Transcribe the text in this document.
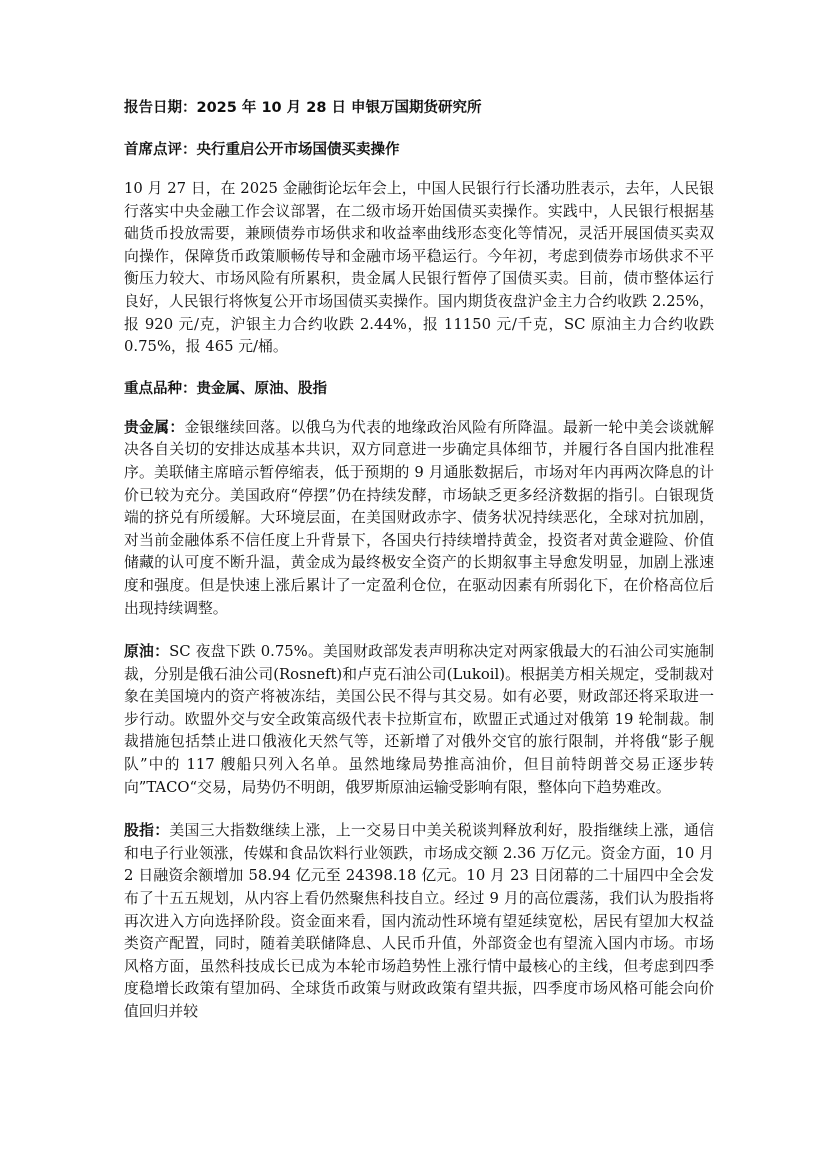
报告日期：2025 年 10 月 28 日 申银万国期货研究所

首席点评：央行重启公开市场国债买卖操作

10 月 27 日，在 2025 金融街论坛年会上，中国人民银行行长潘功胜表示，去年，人民银行落实中央金融工作会议部署，在二级市场开始国债买卖操作。实践中，人民银行根据基础货币投放需要，兼顾债券市场供求和收益率曲线形态变化等情况，灵活开展国债买卖双向操作，保障货币政策顺畅传导和金融市场平稳运行。今年初，考虑到债券市场供求不平衡压力较大、市场风险有所累积，贵金属人民银行暂停了国债买卖。目前，债市整体运行良好，人民银行将恢复公开市场国债买卖操作。国内期货夜盘沪金主力合约收跌 2.25%，报 920 元/克，沪银主力合约收跌 2.44%，报 11150 元/千克，SC 原油主力合约收跌 0.75%，报 465 元/桶。

重点品种：贵金属、原油、股指

贵金属：金银继续回落。以俄乌为代表的地缘政治风险有所降温。最新一轮中美会谈就解决各自关切的安排达成基本共识，双方同意进一步确定具体细节，并履行各自国内批准程序。美联储主席暗示暂停缩表，低于预期的 9 月通胀数据后，市场对年内再两次降息的计价已较为充分。美国政府“停摆”仍在持续发酵，市场缺乏更多经济数据的指引。白银现货端的挤兑有所缓解。大环境层面，在美国财政赤字、债务状况持续恶化，全球对抗加剧，对当前金融体系不信任度上升背景下，各国央行持续增持黄金，投资者对黄金避险、价值储藏的认可度不断升温，黄金成为最终极安全资产的长期叙事主导愈发明显，加剧上涨速度和强度。但是快速上涨后累计了一定盈利仓位，在驱动因素有所弱化下，在价格高位后出现持续调整。

原油：SC 夜盘下跌 0.75%。美国财政部发表声明称决定对两家俄最大的石油公司实施制裁，分别是俄石油公司(Rosneft)和卢克石油公司(Lukoil)。根据美方相关规定，受制裁对象在美国境内的资产将被冻结，美国公民不得与其交易。如有必要，财政部还将采取进一步行动。欧盟外交与安全政策高级代表卡拉斯宣布，欧盟正式通过对俄第 19 轮制裁。制裁措施包括禁止进口俄液化天然气等，还新增了对俄外交官的旅行限制，并将俄“影子舰队”中的 117 艘船只列入名单。虽然地缘局势推高油价，但目前特朗普交易正逐步转向”TACO“交易，局势仍不明朗，俄罗斯原油运输受影响有限，整体向下趋势难改。

股指：美国三大指数继续上涨，上一交易日中美关税谈判释放利好，股指继续上涨，通信和电子行业领涨，传媒和食品饮料行业领跌，市场成交额 2.36 万亿元。资金方面，10 月 2 日融资余额增加 58.94 亿元至 24398.18 亿元。10 月 23 日闭幕的二十届四中全会发布了十五五规划，从内容上看仍然聚焦科技自立。经过 9 月的高位震荡，我们认为股指将再次进入方向选择阶段。资金面来看，国内流动性环境有望延续宽松，居民有望加大权益类资产配置，同时，随着美联储降息、人民币升值，外部资金也有望流入国内市场。市场风格方面，虽然科技成长已成为本轮市场趋势性上涨行情中最核心的主线，但考虑到四季度稳增长政策有望加码、全球货币政策与财政政策有望共振，四季度市场风格可能会向价值回归并较
